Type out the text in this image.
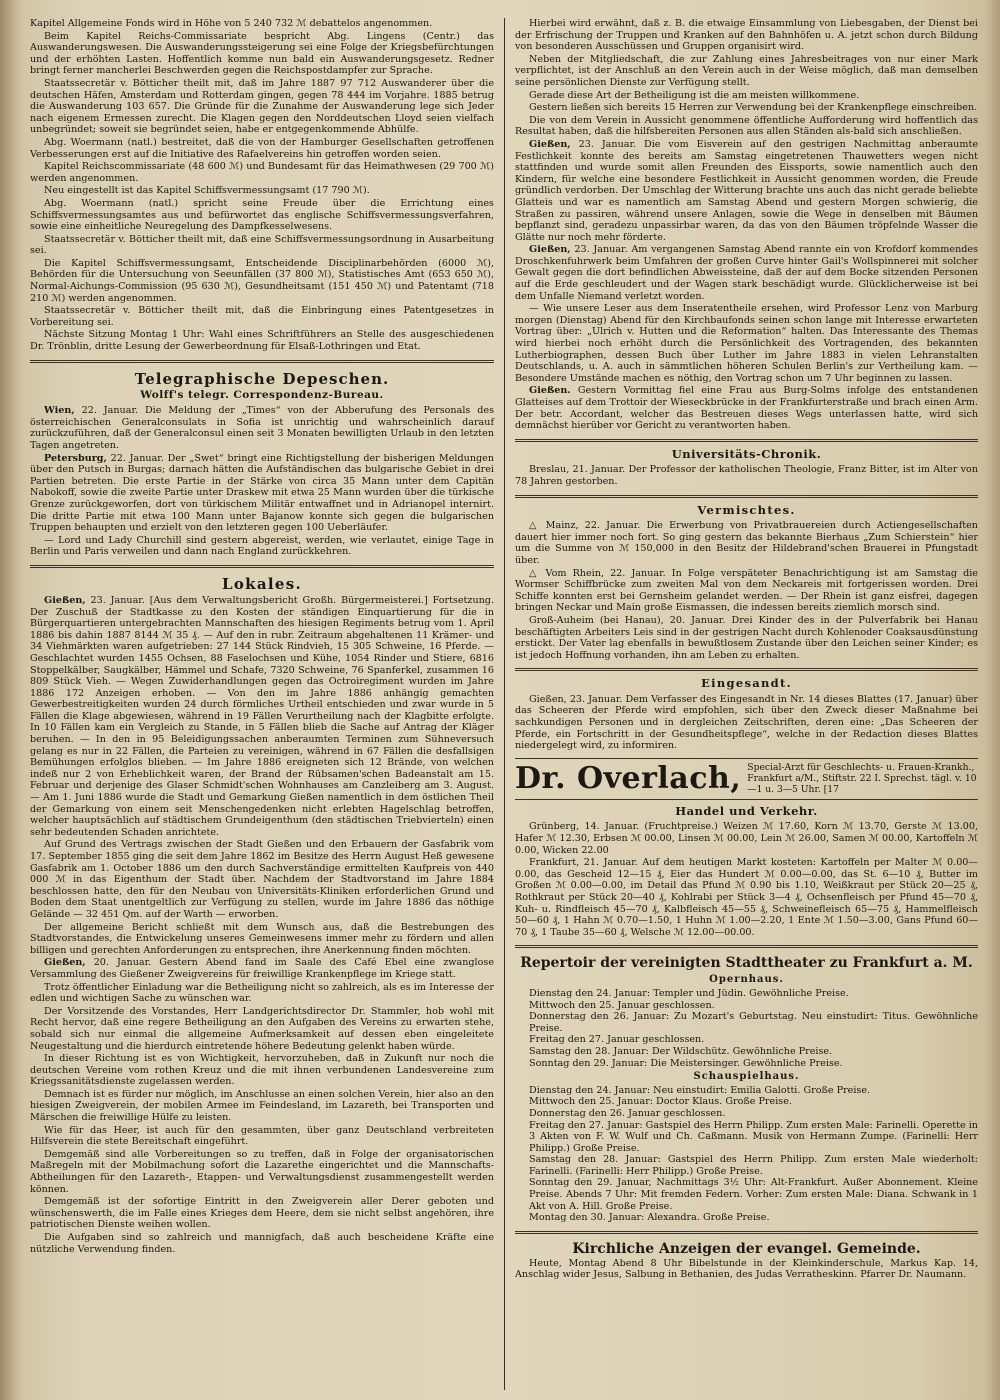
Kapitel Allgemeine Fonds wird in Höhe von 5 240 732 ℳ debattelos angenommen.

Beim Kapitel Reichs-Commissariate bespricht Abg. Lingens (Centr.) das Auswanderungswesen. Die Auswanderungssteigerung sei eine Folge der Kriegsbefürchtungen und der erhöhten Lasten. Hoffentlich komme nun bald ein Auswanderungsgesetz. Redner bringt ferner mancherlei Beschwerden gegen die Reichspostdampfer zur Sprache.

Staatssecretär v. Bötticher theilt mit, daß im Jahre 1887 97 712 Auswanderer über die deutschen Häfen, Amsterdam und Rotterdam gingen, gegen 78 444 im Vorjahre. 1885 betrug die Auswanderung 103 657. Die Gründe für die Zunahme der Auswanderung lege sich Jeder nach eigenem Ermessen zurecht. Die Klagen gegen den Norddeutschen Lloyd seien vielfach unbegründet; soweit sie begründet seien, habe er entgegenkommende Abhülfe.

Abg. Woermann (natl.) bestreitet, daß die von der Hamburger Gesellschaften getroffenen Verbesserungen erst auf die Initiative des Rafaelvereins hin getroffen worden seien.

Kapitel Reichscommissariate (48 600 ℳ) und Bundesamt für das Heimathwesen (29 700 ℳ) werden angenommen.

Neu eingestellt ist das Kapitel Schiffsvermessungsamt (17 790 ℳ).

Abg. Woermann (natl.) spricht seine Freude über die Errichtung eines Schiffsvermessungsamtes aus und befürwortet das englische Schiffsvermessungsverfahren, sowie eine einheitliche Neuregelung des Dampfkesselwesens.

Staatssecretär v. Bötticher theilt mit, daß eine Schiffsvermessungsordnung in Ausarbeitung sei.

Die Kapitel Schiffsvermessungsamt, Entscheidende Disciplinarbehörden (6000 ℳ), Behörden für die Untersuchung von Seeunfällen (37 800 ℳ), Statistisches Amt (653 650 ℳ), Normal-Aichungs-Commission (95 630 ℳ), Gesundheitsamt (151 450 ℳ) und Patentamt (718 210 ℳ) werden angenommen.

Staatssecretär v. Bötticher theilt mit, daß die Einbringung eines Patentgesetzes in Vorbereitung sei.

Nächste Sitzung Montag 1 Uhr: Wahl eines Schriftführers an Stelle des ausgeschiedenen Dr. Trönblin, dritte Lesung der Gewerbeordnung für Elsaß-Lothringen und Etat.

Telegraphische Depeschen.
Wolff's telegr. Correspondenz-Bureau.

Wien, 22. Januar. Die Meldung der „Times“ von der Abberufung des Personals des österreichischen Generalconsulats in Sofia ist unrichtig und wahrscheinlich darauf zurückzuführen, daß der Generalconsul einen seit 3 Monaten bewilligten Urlaub in den letzten Tagen angetreten.

Petersburg, 22. Januar. Der „Swet“ bringt eine Richtigstellung der bisherigen Meldungen über den Putsch in Burgas; darnach hätten die Aufständischen das bulgarische Gebiet in drei Partien betreten. Die erste Partie in der Stärke von circa 35 Mann unter dem Capitän Nabokoff, sowie die zweite Partie unter Draskew mit etwa 25 Mann wurden über die türkische Grenze zurückgeworfen, dort von türkischem Militär entwaffnet und in Adrianopel internirt. Die dritte Partie mit etwa 100 Mann unter Bajanow konnte sich gegen die bulgarischen Truppen behaupten und erzielt von den letzteren gegen 100 Ueberläufer.

— Lord und Lady Churchill sind gestern abgereist, werden, wie verlautet, einige Tage in Berlin und Paris verweilen und dann nach England zurückkehren.

Lokales.

Gießen, 23. Januar. [Aus dem Verwaltungsbericht Großh. Bürgermeisterei.] Fortsetzung. Der Zuschuß der Stadtkasse zu den Kosten der ständigen Einquartierung für die in Bürgerquartieren untergebrachten Mannschaften des hiesigen Regiments betrug vom 1. April 1886 bis dahin 1887 8144 ℳ 35 ₰. — Auf den in rubr. Zeitraum abgehaltenen 11 Krämer- und 34 Viehmärkten waren aufgetrieben: 27 144 Stück Rindvieh, 15 305 Schweine, 16 Pferde. — Geschlachtet wurden 1455 Ochsen, 88 Faselochsen und Kühe, 1054 Rinder und Stiere, 6816 Stoppelkälber, Saugkälber, Hämmel und Schafe, 7320 Schweine, 76 Spanferkel, zusammen 16 809 Stück Vieh. — Wegen Zuwiderhandlungen gegen das Octroiregiment wurden im Jahre 1886 172 Anzeigen erhoben. — Von den im Jahre 1886 anhängig gemachten Gewerbestreitigkeiten wurden 24 durch förmliches Urtheil entschieden und zwar wurde in 5 Fällen die Klage abgewiesen, während in 19 Fällen Verurtheilung nach der Klagbitte erfolgte. In 10 Fällen kam ein Vergleich zu Stande, in 5 Fällen blieb die Sache auf Antrag der Kläger beruhen. — In den in 95 Beleidigungssachen anberaumten Terminen zum Sühneversuch gelang es nur in 22 Fällen, die Parteien zu vereinigen, während in 67 Fällen die desfallsigen Bemühungen erfolglos blieben. — Im Jahre 1886 ereigneten sich 12 Brände, von welchen indeß nur 2 von Erheblichkeit waren, der Brand der Rübsamen'schen Badeanstalt am 15. Februar und derjenige des Glaser Schmidt'schen Wohnhauses am Canzleiberg am 3. August. — Am 1. Juni 1886 wurde die Stadt und Gemarkung Gießen namentlich in dem östlichen Theil der Gemarkung von einem seit Menschengedenken nicht erlebten Hagelschlag betroffen, welcher hauptsächlich auf städtischem Grundeigenthum (den städtischen Triebvierteln) einen sehr bedeutenden Schaden anrichtete.

Auf Grund des Vertrags zwischen der Stadt Gießen und den Erbauern der Gasfabrik vom 17. September 1855 ging die seit dem Jahre 1862 im Besitze des Herrn August Heß gewesene Gasfabrik am 1. October 1886 um den durch Sachverständige ermittelten Kaufpreis von 440 000 ℳ in das Eigenthum der Stadt über. Nachdem der Stadtvorstand im Jahre 1884 beschlossen hatte, den für den Neubau von Universitäts-Kliniken erforderlichen Grund und Boden dem Staat unentgeltlich zur Verfügung zu stellen, wurde im Jahre 1886 das nöthige Gelände — 32 451 Qm. auf der Warth — erworben.

Der allgemeine Bericht schließt mit dem Wunsch aus, daß die Bestrebungen des Stadtvorstandes, die Entwickelung unseres Gemeinwesens immer mehr zu fördern und allen billigen und gerechten Anforderungen zu entsprechen, ihre Anerkennung finden möchten.

Gießen, 20. Januar. Gestern Abend fand im Saale des Café Ebel eine zwanglose Versammlung des Gießener Zweigvereins für freiwillige Krankenpflege im Kriege statt.

Trotz öffentlicher Einladung war die Betheiligung nicht so zahlreich, als es im Interesse der edlen und wichtigen Sache zu wünschen war.

Der Vorsitzende des Vorstandes, Herr Landgerichtsdirector Dr. Stammler, hob wohl mit Recht hervor, daß eine regere Betheiligung an den Aufgaben des Vereins zu erwarten stehe, sobald sich nur einmal die allgemeine Aufmerksamkeit auf dessen eben eingeleitete Neugestaltung und die hierdurch eintretende höhere Bedeutung gelenkt haben würde.

In dieser Richtung ist es von Wichtigkeit, hervorzuheben, daß in Zukunft nur noch die deutschen Vereine vom rothen Kreuz und die mit ihnen verbundenen Landesvereine zum Kriegssanitätsdienste zugelassen werden.

Demnach ist es fürder nur möglich, im Anschlusse an einen solchen Verein, hier also an den hiesigen Zweigverein, der mobilen Armee im Feindesland, im Lazareth, bei Transporten und Märschen die freiwillige Hülfe zu leisten.

Wie für das Heer, ist auch für den gesammten, über ganz Deutschland verbreiteten Hilfsverein die stete Bereitschaft eingeführt.

Demgemäß sind alle Vorbereitungen so zu treffen, daß in Folge der organisatorischen Maßregeln mit der Mobilmachung sofort die Lazarethe eingerichtet und die Mannschafts-Abtheilungen für den Lazareth-, Etappen- und Verwaltungsdienst zusammengestellt werden können.

Demgemäß ist der sofortige Eintritt in den Zweigverein aller Derer geboten und wünschenswerth, die im Falle eines Krieges dem Heere, dem sie nicht selbst angehören, ihre patriotischen Dienste weihen wollen.

Die Aufgaben sind so zahlreich und mannigfach, daß auch bescheidene Kräfte eine nützliche Verwendung finden.

Hierbei wird erwähnt, daß z. B. die etwaige Einsammlung von Liebesgaben, der Dienst bei der Erfrischung der Truppen und Kranken auf den Bahnhöfen u. A. jetzt schon durch Bildung von besonderen Ausschüssen und Gruppen organisirt wird.

Neben der Mitgliedschaft, die zur Zahlung eines Jahresbeitrages von nur einer Mark verpflichtet, ist der Anschluß an den Verein auch in der Weise möglich, daß man demselben seine persönlichen Dienste zur Verfügung stellt.

Gerade diese Art der Betheiligung ist die am meisten willkommene.

Gestern ließen sich bereits 15 Herren zur Verwendung bei der Krankenpflege einschreiben.

Die von dem Verein in Aussicht genommene öffentliche Aufforderung wird hoffentlich das Resultat haben, daß die hilfsbereiten Personen aus allen Ständen als-bald sich anschließen.

Gießen, 23. Januar. Die vom Eisverein auf den gestrigen Nachmittag anberaumte Festlichkeit konnte des bereits am Samstag eingetretenen Thauwetters wegen nicht stattfinden und wurde somit allen Freunden des Eissports, sowie namentlich auch den Kindern, für welche eine besondere Festlichkeit in Aussicht genommen worden, die Freude gründlich verdorben. Der Umschlag der Witterung brachte uns auch das nicht gerade beliebte Glatteis und war es namentlich am Samstag Abend und gestern Morgen schwierig, die Straßen zu passiren, während unsere Anlagen, sowie die Wege in denselben mit Bäumen bepflanzt sind, geradezu unpassirbar waren, da das von den Bäumen tröpfelnde Wasser die Glätte nur noch mehr förderte.

Gießen, 23. Januar. Am vergangenen Samstag Abend rannte ein von Krofdorf kommendes Droschkenfuhrwerk beim Umfahren der großen Curve hinter Gail's Wollspinnerei mit solcher Gewalt gegen die dort befindlichen Abweissteine, daß der auf dem Bocke sitzenden Personen auf die Erde geschleudert und der Wagen stark beschädigt wurde. Glücklicherweise ist bei dem Unfalle Niemand verletzt worden.

— Wie unsere Leser aus dem Inseratentheile ersehen, wird Professor Lenz von Marburg morgen (Dienstag) Abend für den Kirchbaufonds seinen schon lange mit Interesse erwarteten Vortrag über: „Ulrich v. Hutten und die Reformation“ halten. Das Interessante des Themas wird hierbei noch erhöht durch die Persönlichkeit des Vortragenden, des bekannten Lutherbiographen, dessen Buch über Luther im Jahre 1883 in vielen Lehranstalten Deutschlands, u. A. auch in sämmtlichen höheren Schulen Berlin's zur Vertheilung kam. — Besondere Umstände machen es nöthig, den Vortrag schon um 7 Uhr beginnen zu lassen.

Gießen. Gestern Vormittag fiel eine Frau aus Burg-Solms infolge des entstandenen Glatteises auf dem Trottoir der Wieseckbrücke in der Frankfurterstraße und brach einen Arm. Der betr. Accordant, welcher das Bestreuen dieses Wegs unterlassen hatte, wird sich demnächst hierüber vor Gericht zu verantworten haben.

Universitäts-Chronik.

Breslau, 21. Januar. Der Professor der katholischen Theologie, Franz Bitter, ist im Alter von 78 Jahren gestorben.

Vermischtes.

△ Mainz, 22. Januar. Die Erwerbung von Privatbrauereien durch Actiengesellschaften dauert hier immer noch fort. So ging gestern das bekannte Bierhaus „Zum Schierstein“ hier um die Summe von ℳ 150,000 in den Besitz der Hildebrand'schen Brauerei in Pfungstadt über.

△ Vom Rhein, 22. Januar. In Folge verspäteter Benachrichtigung ist am Samstag die Wormser Schiffbrücke zum zweiten Mal von dem Neckareis mit fortgerissen worden. Drei Schiffe konnten erst bei Gernsheim gelandet werden. — Der Rhein ist ganz eisfrei, dagegen bringen Neckar und Main große Eismassen, die indessen bereits ziemlich morsch sind.

Groß-Auheim (bei Hanau), 20. Januar. Drei Kinder des in der Pulverfabrik bei Hanau beschäftigten Arbeiters Leis sind in der gestrigen Nacht durch Kohlenoder Coaksausdünstung erstickt. Der Vater lag ebenfalls in bewußtlosem Zustande über den Leichen seiner Kinder; es ist jedoch Hoffnung vorhanden, ihn am Leben zu erhalten.

Eingesandt.

Gießen, 23. Januar. Dem Verfasser des Eingesandt in Nr. 14 dieses Blattes (17. Januar) über das Scheeren der Pferde wird empfohlen, sich über den Zweck dieser Maßnahme bei sachkundigen Personen und in dergleichen Zeitschriften, deren eine: „Das Scheeren der Pferde, ein Fortschritt in der Gesundheitspflege“, welche in der Redaction dieses Blattes niedergelegt wird, zu informiren.

Dr. Overlach, Special-Arzt für Geschlechts- u. Frauen-Krankh., Frankfurt a/M., Stiftstr. 22 I. Sprechst. tägl. v. 10—1 u. 3—5 Uhr. [17
Handel und Verkehr.

Grünberg, 14. Januar. (Fruchtpreise.) Weizen ℳ 17.60, Korn ℳ 13.70, Gerste ℳ 13.00, Hafer ℳ 12.30, Erbsen ℳ 00.00, Linsen ℳ 00.00, Lein ℳ 26.00, Samen ℳ 00.00, Kartoffeln ℳ 0.00, Wicken 22.00

Frankfurt, 21. Januar. Auf dem heutigen Markt kosteten: Kartoffeln per Malter ℳ 0.00—0.00, das Gescheid 12—15 ₰, Eier das Hundert ℳ 0.00—0.00, das St. 6—10 ₰, Butter im Großen ℳ 0.00—0.00, im Detail das Pfund ℳ 0.90 bis 1.10, Weißkraut per Stück 20—25 ₰, Rothkraut per Stück 20—40 ₰, Kohlrabi per Stück 3—4 ₰, Ochsenfleisch per Pfund 45—70 ₰, Kuh- u. Rindfleisch 45—70 ₰, Kalbfleisch 45—55 ₰, Schweinefleisch 65—75 ₰, Hammelfleisch 50—60 ₰, 1 Hahn ℳ 0.70—1.50, 1 Huhn ℳ 1.00—2.20, 1 Ente ℳ 1.50—3.00, Gans Pfund 60—70 ₰, 1 Taube 35—60 ₰, Welsche ℳ 12.00—00.00.

Repertoir der vereinigten Stadttheater zu Frankfurt a. M.
Opernhaus.

Dienstag den 24. Januar: Templer und Jüdin. Gewöhnliche Preise.

Mittwoch den 25. Januar geschlossen.

Donnerstag den 26. Januar: Zu Mozart's Geburtstag. Neu einstudirt: Titus. Gewöhnliche Preise.

Freitag den 27. Januar geschlossen.

Samstag den 28. Januar: Der Wildschütz. Gewöhnliche Preise.

Sonntag den 29. Januar: Die Meistersinger. Gewöhnliche Preise.

Schauspielhaus.

Dienstag den 24. Januar: Neu einstudirt: Emilia Galotti. Große Preise.

Mittwoch den 25. Januar: Doctor Klaus. Große Preise.

Donnerstag den 26. Januar geschlossen.

Freitag den 27. Januar: Gastspiel des Herrn Philipp. Zum ersten Male: Farinelli. Operette in 3 Akten von F. W. Wulf und Ch. Caßmann. Musik von Hermann Zumpe. (Farinelli: Herr Philipp.) Große Preise.

Samstag den 28. Januar: Gastspiel des Herrn Philipp. Zum ersten Male wiederholt: Farinelli. (Farinelli: Herr Philipp.) Große Preise.

Sonntag den 29. Januar, Nachmittags 3½ Uhr: Alt-Frankfurt. Außer Abonnement. Kleine Preise. Abends 7 Uhr: Mit fremden Federn. Vorher: Zum ersten Male: Diana. Schwank in 1 Akt von A. Hill. Große Preise.

Montag den 30. Januar: Alexandra. Große Preise.

Kirchliche Anzeigen der evangel. Gemeinde.

Heute, Montag Abend 8 Uhr Bibelstunde in der Kleinkinderschule, Markus Kap. 14, Anschlag wider Jesus, Salbung in Bethanien, des Judas Verratheskinn. Pfarrer Dr. Naumann.
